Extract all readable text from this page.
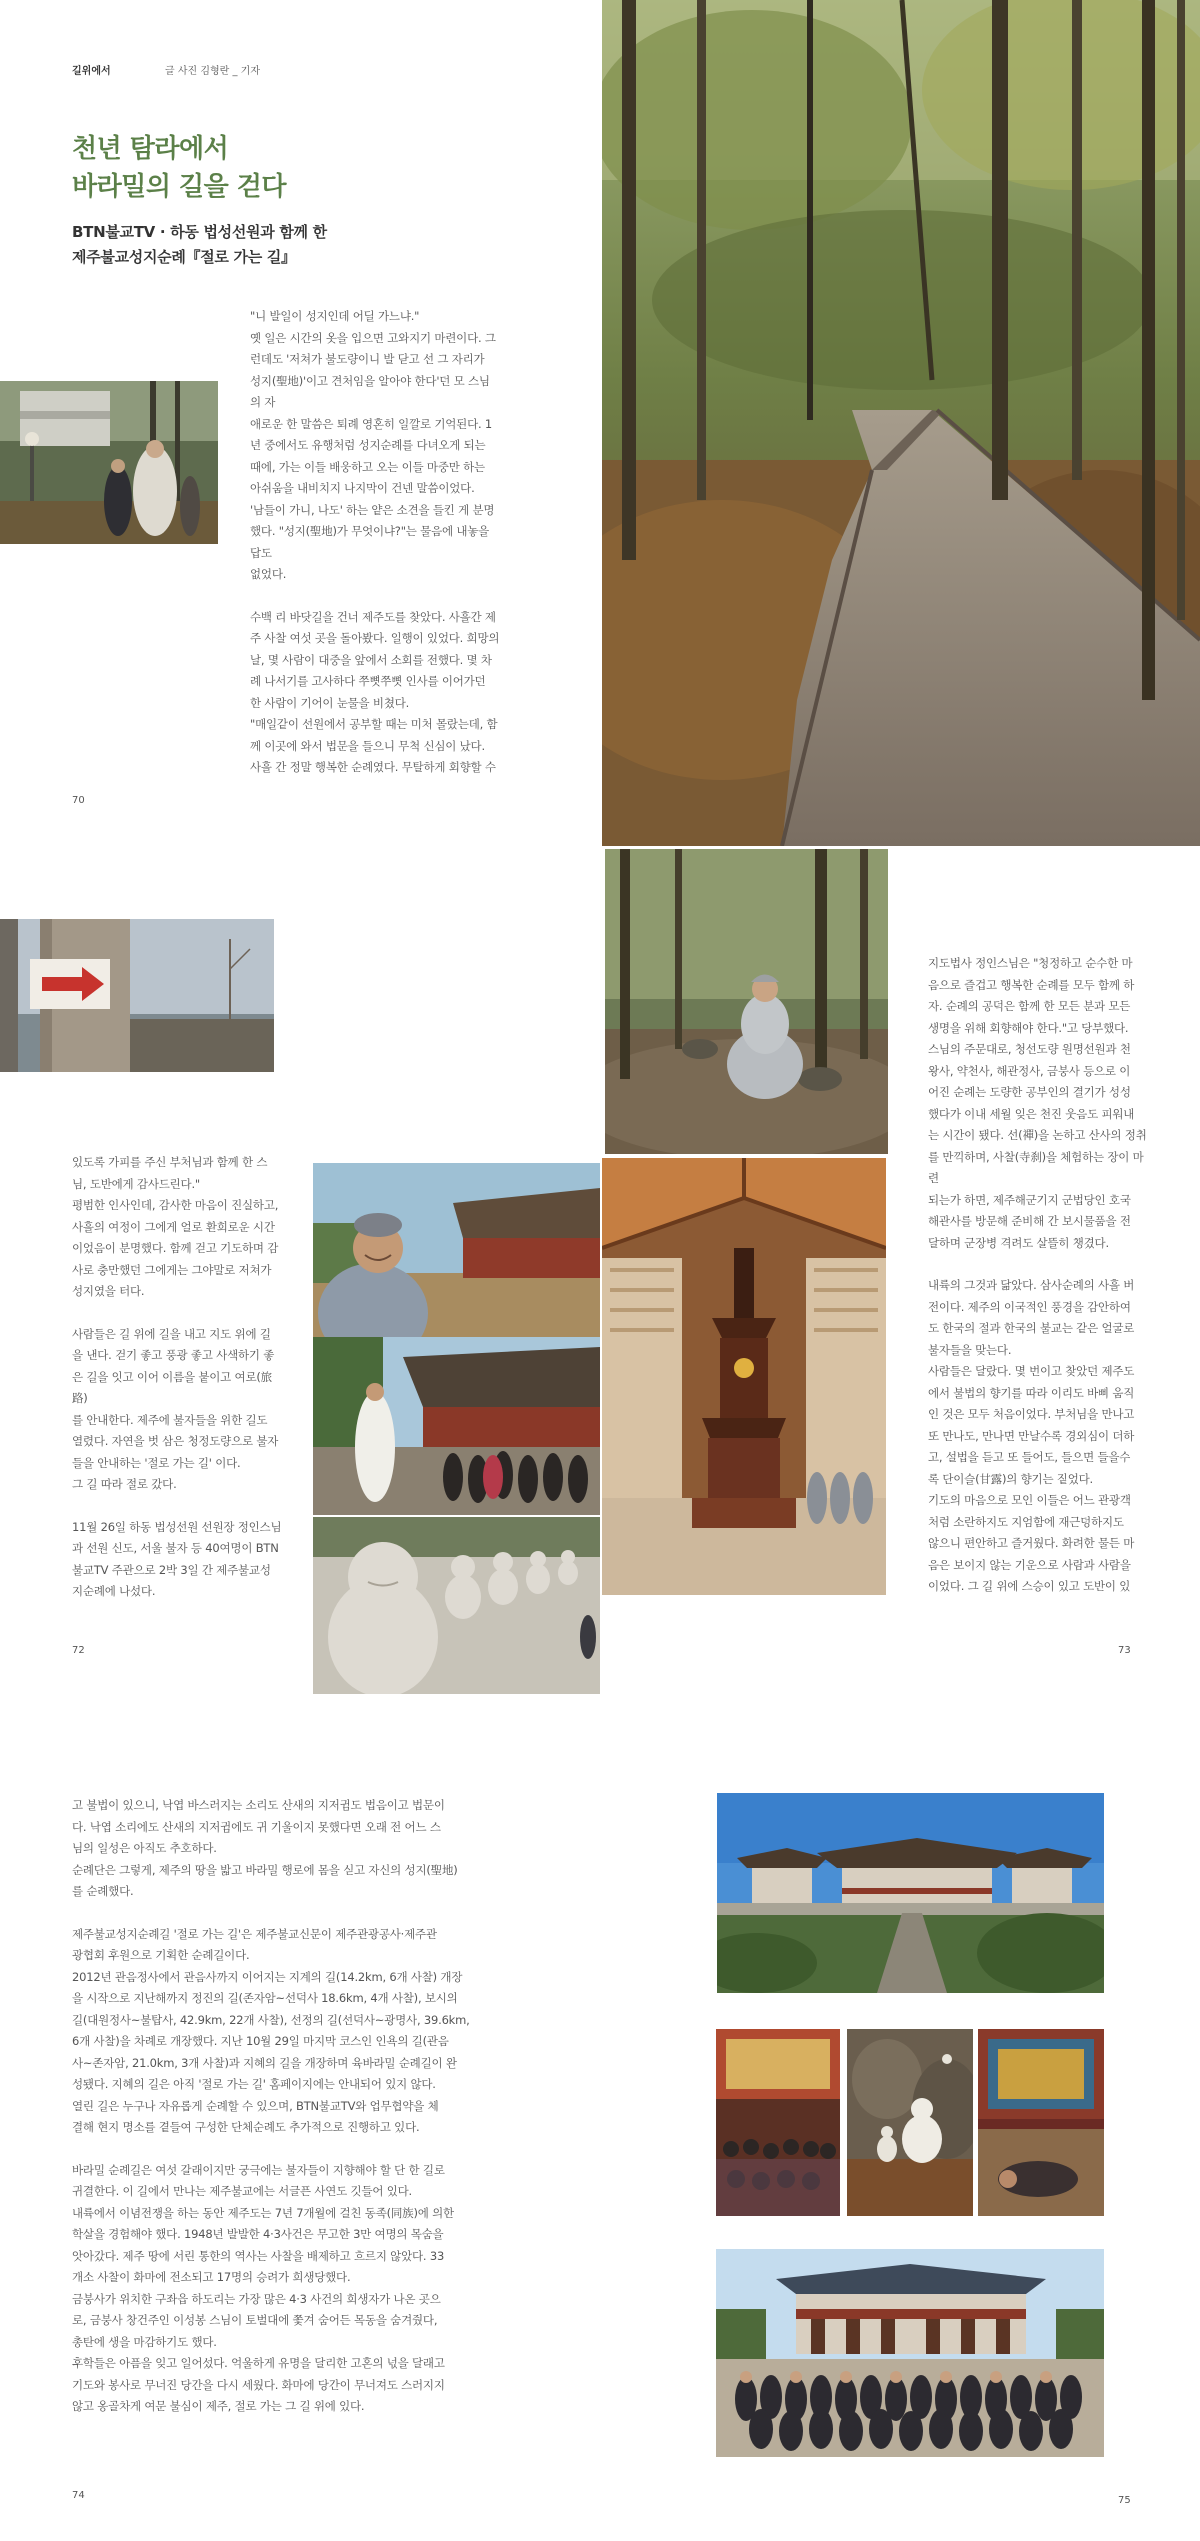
길위에서	글 사진 김형란 _ 기자
천년 탐라에서
바라밀의 길을 걷다
BTN불교TV · 하동 법성선원과 함께 한
제주불교성지순례『절로 가는 길』

"니 발일이 성지인데 어딜 가느냐."

옛 일은 시간의 옷을 입으면 고와지기 마련이다. 그

런데도 '저쳐가 불도량이니 발 닫고 선 그 자리가

성지(聖地)'이고 견처임을 알아야 한다'던 모 스님의 자

애로운 한 말씀은 퇴례 영혼히 일깔로 기억된다. 1

년 중에서도 유행처럼 성지순례를 다녀오게 되는

때에, 가는 이들 배웅하고 오는 이들 마중만 하는

아쉬움을 내비치지 나지막이 건넨 말씀이었다.

'남들이 가니, 나도' 하는 얕은 소견을 들킨 게 분명

했다. "성지(聖地)가 무엇이냐?"는 물음에 내놓을 답도

없었다.

수백 리 바닷길을 건너 제주도를 찾았다. 사흘간 제

주 사찰 여섯 곳을 돌아봤다. 일행이 있었다. 희망의

날, 몇 사람이 대중을 앞에서 소회를 전했다. 몇 차

례 나서기를 고사하다 쭈뼛쭈뼛 인사를 이어가던

한 사람이 기어이 눈물을 비쳤다.

"매일같이 선원에서 공부할 때는 미처 몰랐는데, 함

께 이곳에 와서 법문을 들으니 무척 신심이 났다.

사흘 간 정말 행복한 순례였다. 무탈하게 회향할 수

70

있도록 가피를 주신 부처님과 함께 한 스

님, 도반에게 감사드린다."

평범한 인사인데, 감사한 마음이 진실하고,

사흘의 여정이 그에게 얼로 환희로운 시간

이었음이 분명했다. 함께 걷고 기도하며 감

사로 충만했던 그에게는 그야말로 저쳐가

성지였을 터다.

사람들은 길 위에 길을 내고 지도 위에 길

을 낸다. 걷기 좋고 풍광 좋고 사색하기 좋

은 길을 잇고 이어 이름을 붙이고 여로(旅路)

를 안내한다. 제주에 불자들을 위한 길도

열렸다. 자연을 벗 삼은 청정도량으로 불자

들을 안내하는 '절로 가는 길' 이다.

그 길 따라 절로 갔다.

11월 26일 하동 법성선원 선원장 정인스님

과 선원 신도, 서울 불자 등 40여명이 BTN

불교TV 주관으로 2박 3일 간 제주불교성

지순례에 나섰다.

지도법사 정인스님은 "청정하고 순수한 마

음으로 즐겁고 행복한 순례를 모두 함께 하

자. 순례의 공덕은 함께 한 모든 분과 모든

생명을 위해 회향해야 한다."고 당부했다.

스님의 주문대로, 청선도량 원명선원과 천

왕사, 약천사, 해관정사, 금붕사 등으로 이

어진 순례는 도량한 공부인의 결기가 성성

했다가 이내 세월 잊은 천진 웃음도 피워내

는 시간이 됐다. 선(禪)을 논하고 산사의 정취

를 만끽하며, 사찰(寺刹)을 체험하는 장이 마련

되는가 하면, 제주해군기지 군법당인 호국

해관사를 방문해 준비해 간 보시물품을 전

달하며 군장병 격려도 살뜰히 챙겼다.

내륙의 그것과 닮았다. 삼사순례의 사흘 버

전이다. 제주의 이국적인 풍경을 감안하여

도 한국의 절과 한국의 불교는 같은 얼굴로

불자들을 맞는다.

사람들은 달랐다. 몇 번이고 찾았던 제주도

에서 불법의 향기를 따라 이리도 바삐 움직

인 것은 모두 처음이었다. 부처님을 만나고

또 만나도, 만나면 만날수록 경외심이 더하

고, 설법을 듣고 또 들어도, 들으면 들을수

록 단이슬(甘露)의 향기는 짙었다.

기도의 마음으로 모인 이들은 어느 관광객

처럼 소란하지도 지엄함에 재근덩하지도

않으니 편안하고 즐거웠다. 화려한 물든 마

음은 보이지 않는 기운으로 사람과 사람을

이었다. 그 길 위에 스승이 있고 도반이 있

72	73

고 불법이 있으니, 낙엽 바스러지는 소리도 산새의 지저귐도 법음이고 법문이

다. 낙엽 소리에도 산새의 지저귐에도 귀 기울이지 못했다면 오래 전 어느 스

님의 일성은 아직도 추호하다.

순례단은 그렇게, 제주의 땅을 밟고 바라밀 행로에 몸을 싣고 자신의 성지(聖地)

를 순례했다.

제주불교성지순례길 '절로 가는 길'은 제주불교신문이 제주관광공사·제주관

광협회 후원으로 기획한 순례길이다.

2012년 관음정사에서 관음사까지 이어지는 지계의 길(14.2km, 6개 사찰) 개장

을 시작으로 지난해까지 정진의 길(존자암~선덕사 18.6km, 4개 사찰), 보시의

길(대원정사~불탑사, 42.9km, 22개 사찰), 선정의 길(선덕사~광명사, 39.6km,

6개 사찰)을 차례로 개장했다. 지난 10월 29일 마지막 코스인 인욕의 길(관음

사~존자암, 21.0km, 3개 사찰)과 지혜의 길을 개장하며 육바라밀 순례길이 완

성됐다. 지혜의 길은 아직 '절로 가는 길' 홈페이지에는 안내되어 있지 않다.

열린 길은 누구나 자유롭게 순례할 수 있으며, BTN불교TV와 업무협약을 체

결해 현지 명소를 곁들여 구성한 단체순례도 추가적으로 진행하고 있다.

바라밀 순례길은 여섯 갈래이지만 궁극에는 불자들이 지향해야 할 단 한 길로

귀결한다. 이 길에서 만나는 제주불교에는 서글픈 사연도 깃들어 있다.

내륙에서 이념전쟁을 하는 동안 제주도는 7년 7개월에 걸친 동족(同族)에 의한

학살을 경험해야 했다. 1948년 발발한 4·3사건은 무고한 3만 여명의 목숨을

앗아갔다. 제주 땅에 서린 통한의 역사는 사찰을 배제하고 흐르지 않았다. 33

개소 사찰이 화마에 전소되고 17명의 승려가 희생당했다.

금붕사가 위치한 구좌읍 하도리는 가장 많은 4·3 사건의 희생자가 나온 곳으

로, 금붕사 창건주인 이성봉 스님이 토벌대에 쫓겨 숨어든 목동을 숨겨줬다,

총탄에 생을 마감하기도 했다.

후학들은 아픔을 잊고 일어섰다. 억울하게 유명을 달리한 고혼의 넋을 달래고

기도와 봉사로 무너진 당간을 다시 세웠다. 화마에 당간이 무너져도 스러지지

않고 옹골차게 여문 불심이 제주, 절로 가는 그 길 위에 있다.

74	75
